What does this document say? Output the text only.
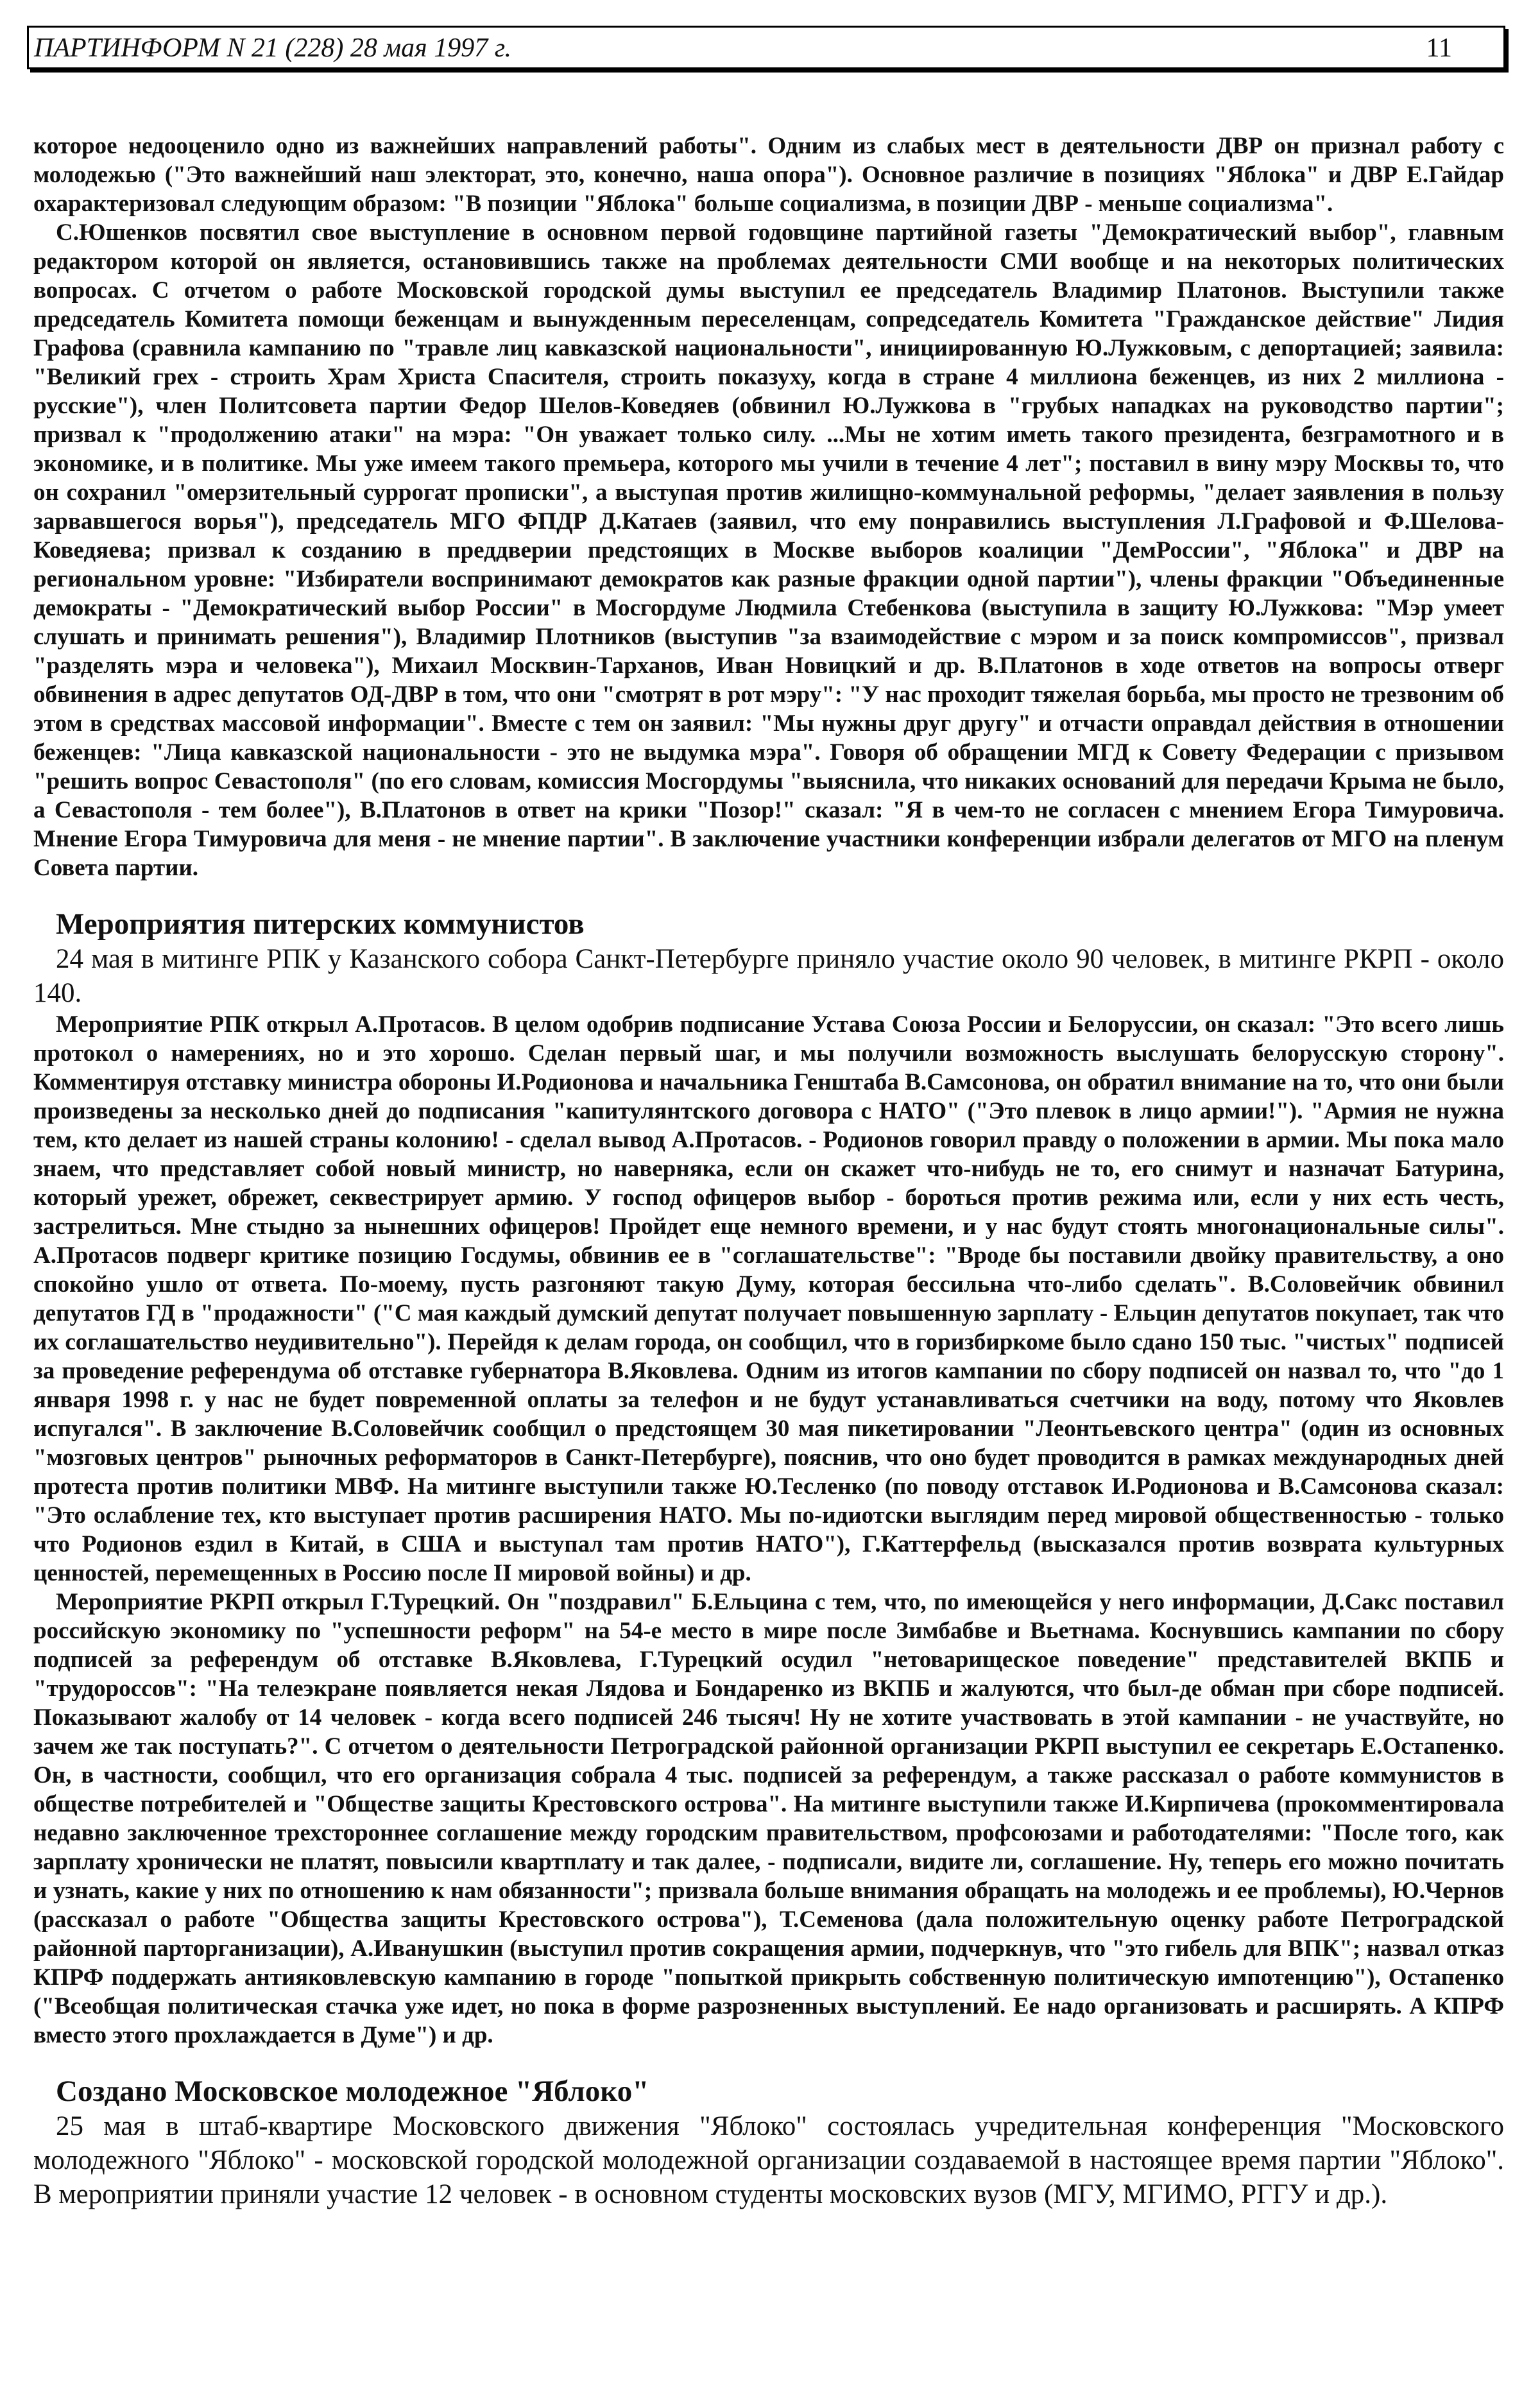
ПАРТИНФОРМ N 21 (228) 28 мая 1997 г.	11

которое недооценило одно из важнейших направлений работы". Одним из слабых мест в деятельности ДВР он признал работу с молодежью ("Это важнейший наш электорат, это, конечно, наша опора"). Основное различие в позициях "Яблока" и ДВР Е.Гайдар охарактеризовал следующим образом: "В позиции "Яблока" больше социализма, в позиции ДВР - меньше социализма".

С.Юшенков посвятил свое выступление в основном первой годовщине партийной газеты "Демократический выбор", главным редактором которой он является, остановившись также на проблемах деятельности СМИ вообще и на некоторых политических вопросах. С отчетом о работе Московской городской думы выступил ее председатель Владимир Платонов. Выступили также председатель Комитета помощи беженцам и вынужденным переселенцам, сопредседатель Комитета "Гражданское действие" Лидия Графова (сравнила кампанию по "травле лиц кавказской национальности", инициированную Ю.Лужковым, с депортацией; заявила: "Великий грех - строить Храм Христа Спасителя, строить показуху, когда в стране 4 миллиона беженцев, из них 2 миллиона - русские"), член Политсовета партии Федор Шелов-Коведяев (обвинил Ю.Лужкова в "грубых нападках на руководство партии"; призвал к "продолжению атаки" на мэра: "Он уважает только силу. ...Мы не хотим иметь такого президента, безграмотного и в экономике, и в политике. Мы уже имеем такого премьера, которого мы учили в течение 4 лет"; поставил в вину мэру Москвы то, что он сохранил "омерзительный суррогат прописки", а выступая против жилищно-коммунальной реформы, "делает заявления в пользу зарвавшегося ворья"), председатель МГО ФПДР Д.Катаев (заявил, что ему понравились выступления Л.Графовой и Ф.Шелова-Коведяева; призвал к созданию в преддверии предстоящих в Москве выборов коалиции "ДемРоссии", "Яблока" и ДВР на региональном уровне: "Избиратели воспринимают демократов как разные фракции одной партии"), члены фракции "Объединенные демократы - "Демократический выбор России" в Мосгордуме Людмила Стебенкова (выступила в защиту Ю.Лужкова: "Мэр умеет слушать и принимать решения"), Владимир Плотников (выступив "за взаимодействие с мэром и за поиск компромиссов", призвал "разделять мэра и человека"), Михаил Москвин-Тарханов, Иван Новицкий и др. В.Платонов в ходе ответов на вопросы отверг обвинения в адрес депутатов ОД-ДВР в том, что они "смотрят в рот мэру": "У нас проходит тяжелая борьба, мы просто не трезвоним об этом в средствах массовой информации". Вместе с тем он заявил: "Мы нужны друг другу" и отчасти оправдал действия в отношении беженцев: "Лица кавказской национальности - это не выдумка мэра". Говоря об обращении МГД к Совету Федерации с призывом "решить вопрос Севастополя" (по его словам, комиссия Мосгордумы "выяснила, что никаких оснований для передачи Крыма не было, а Севастополя - тем более"), В.Платонов в ответ на крики "Позор!" сказал: "Я в чем-то не согласен с мнением Егора Тимуровича. Мнение Егора Тимуровича для меня - не мнение партии". В заключение участники конференции избрали делегатов от МГО на пленум Совета партии.

Мероприятия питерских коммунистов

24 мая в митинге РПК у Казанского собора Санкт-Петербурге приняло участие около 90 человек, в митинге РКРП - около 140.

Мероприятие РПК открыл А.Протасов. В целом одобрив подписание Устава Союза России и Белоруссии, он сказал: "Это всего лишь протокол о намерениях, но и это хорошо. Сделан первый шаг, и мы получили возможность выслушать белорусскую сторону". Комментируя отставку министра обороны И.Родионова и начальника Генштаба В.Самсонова, он обратил внимание на то, что они были произведены за несколько дней до подписания "капитулянтского договора с НАТО" ("Это плевок в лицо армии!"). "Армия не нужна тем, кто делает из нашей страны колонию! - сделал вывод А.Протасов. - Родионов говорил правду о положении в армии. Мы пока мало знаем, что представляет собой новый министр, но наверняка, если он скажет что-нибудь не то, его снимут и назначат Батурина, который урежет, обрежет, секвестрирует армию. У господ офицеров выбор - бороться против режима или, если у них есть честь, застрелиться. Мне стыдно за нынешних офицеров! Пройдет еще немного времени, и у нас будут стоять многонациональные силы". А.Протасов подверг критике позицию Госдумы, обвинив ее в "соглашательстве": "Вроде бы поставили двойку правительству, а оно спокойно ушло от ответа. По-моему, пусть разгоняют такую Думу, которая бессильна что-либо сделать". В.Соловейчик обвинил депутатов ГД в "продажности" ("С мая каждый думский депутат получает повышенную зарплату - Ельцин депутатов покупает, так что их соглашательство неудивительно"). Перейдя к делам города, он сообщил, что в горизбиркоме было сдано 150 тыс. "чистых" подписей за проведение референдума об отставке губернатора В.Яковлева. Одним из итогов кампании по сбору подписей он назвал то, что "до 1 января 1998 г. у нас не будет повременной оплаты за телефон и не будут устанавливаться счетчики на воду, потому что Яковлев испугался". В заключение В.Соловейчик сообщил о предстоящем 30 мая пикетировании "Леонтьевского центра" (один из основных "мозговых центров" рыночных реформаторов в Санкт-Петербурге), пояснив, что оно будет проводится в рамках международных дней протеста против политики МВФ. На митинге выступили также Ю.Тесленко (по поводу отставок И.Родионова и В.Самсонова сказал: "Это ослабление тех, кто выступает против расширения НАТО. Мы по-идиотски выглядим перед мировой общественностью - только что Родионов ездил в Китай, в США и выступал там против НАТО"), Г.Каттерфельд (высказался против возврата культурных ценностей, перемещенных в Россию после II мировой войны) и др.

Мероприятие РКРП открыл Г.Турецкий. Он "поздравил" Б.Ельцина с тем, что, по имеющейся у него информации, Д.Сакс поставил российскую экономику по "успешности реформ" на 54-е место в мире после Зимбабве и Вьетнама. Коснувшись кампании по сбору подписей за референдум об отставке В.Яковлева, Г.Турецкий осудил "нетоварищеское поведение" представителей ВКПБ и "трудороссов": "На телеэкране появляется некая Лядова и Бондаренко из ВКПБ и жалуются, что был-де обман при сборе подписей. Показывают жалобу от 14 человек - когда всего подписей 246 тысяч! Ну не хотите участвовать в этой кампании - не участвуйте, но зачем же так поступать?". С отчетом о деятельности Петроградской районной организации РКРП выступил ее секретарь Е.Остапенко. Он, в частности, сообщил, что его организация собрала 4 тыс. подписей за референдум, а также рассказал о работе коммунистов в обществе потребителей и "Обществе защиты Крестовского острова". На митинге выступили также И.Кирпичева (прокомментировала недавно заключенное трехстороннее соглашение между городским правительством, профсоюзами и работодателями: "После того, как зарплату хронически не платят, повысили квартплату и так далее, - подписали, видите ли, соглашение. Ну, теперь его можно почитать и узнать, какие у них по отношению к нам обязанности"; призвала больше внимания обращать на молодежь и ее проблемы), Ю.Чернов (рассказал о работе "Общества защиты Крестовского острова"), Т.Семенова (дала положительную оценку работе Петроградской районной парторганизации), А.Иванушкин (выступил против сокращения армии, подчеркнув, что "это гибель для ВПК"; назвал отказ КПРФ поддержать антияковлевскую кампанию в городе "попыткой прикрыть собственную политическую импотенцию"), Остапенко ("Всеобщая политическая стачка уже идет, но пока в форме разрозненных выступлений. Ее надо организовать и расширять. А КПРФ вместо этого прохлаждается в Думе") и др.

Создано Московское молодежное "Яблоко"

25 мая в штаб-квартире Московского движения "Яблоко" состоялась учредительная конференция "Московского молодежного "Яблоко" - московской городской молодежной организации создаваемой в настоящее время партии "Яблоко". В мероприятии приняли участие 12 человек - в основном студенты московских вузов (МГУ, МГИМО, РГГУ и др.).
